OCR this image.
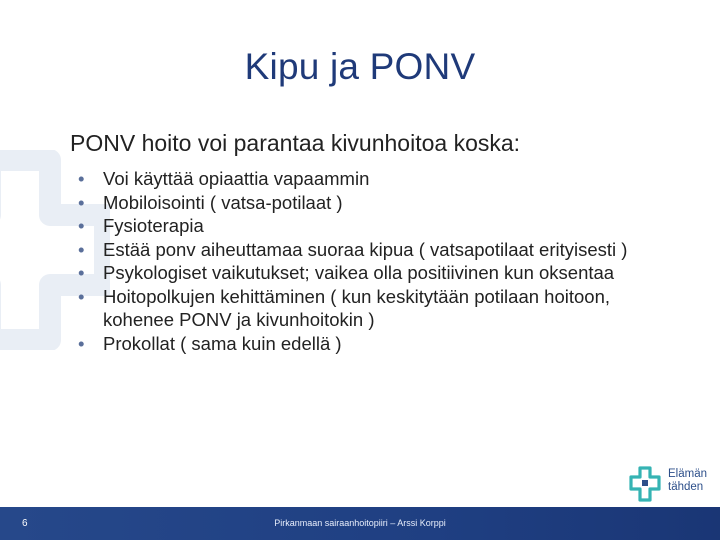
Kipu ja PONV
PONV hoito voi parantaa kivunhoitoa koska:
• Voi käyttää opiaattia vapaammin
• Mobiloisointi ( vatsa-potilaat )
• Fysioterapia
• Estää ponv aiheuttamaa suoraa kipua ( vatsapotilaat erityisesti )
• Psykologiset vaikutukset; vaikea olla positiivinen kun oksentaa
• Hoitopolkujen kehittäminen ( kun keskitytään potilaan hoitoon, kohenee PONV ja kivunhoitokin )
• Prokollat ( sama kuin edellä )
Elämän
tähden
6	Pirkanmaan sairaanhoitopiiri – Arssi Korppi
